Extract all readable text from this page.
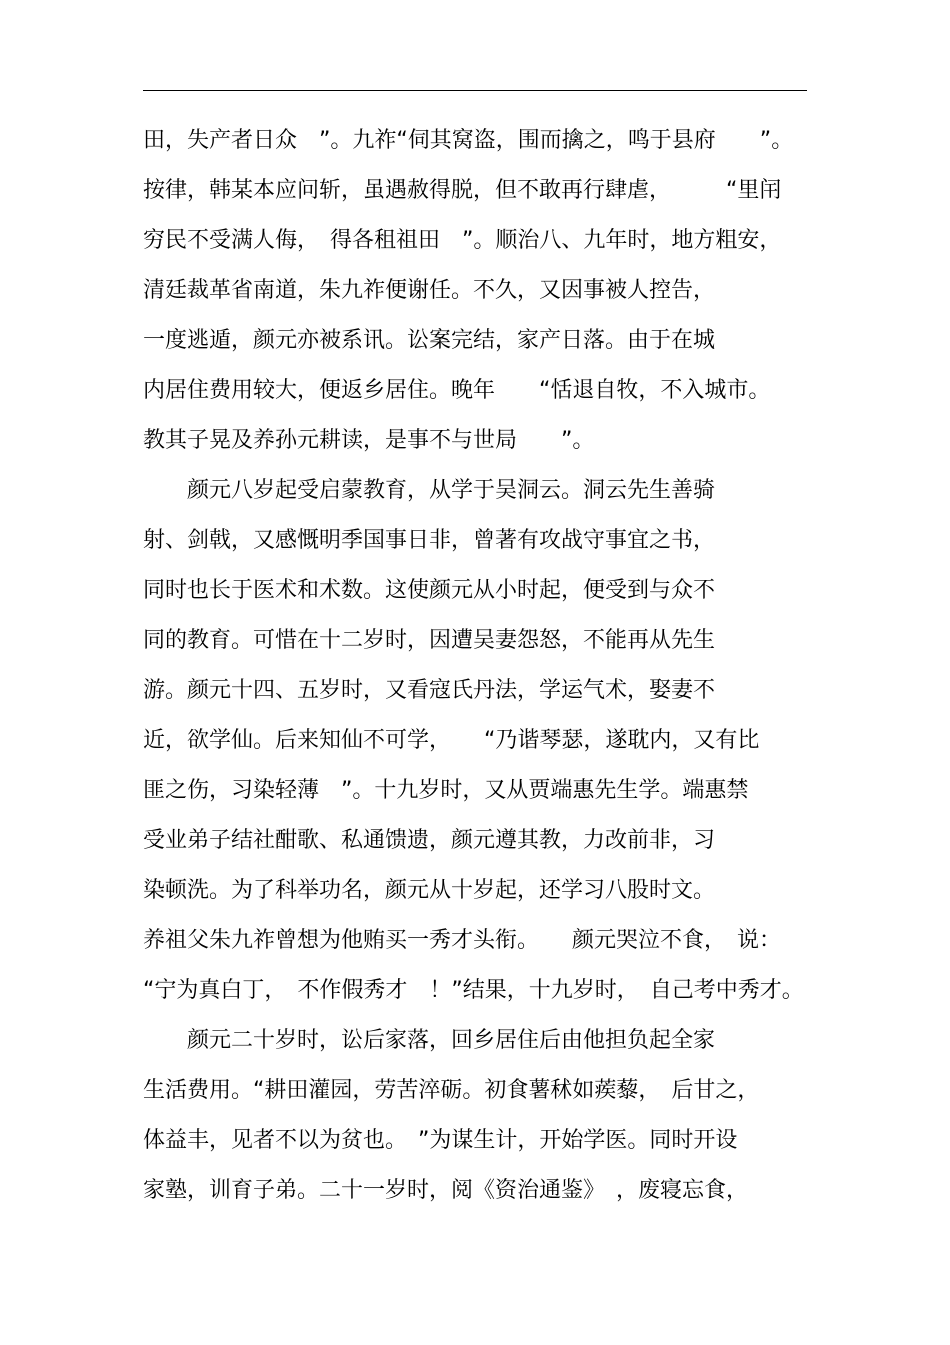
田，失产者日众　”。九祚“伺其窝盗，围而擒之，鸣于县府　　”。
按律，韩某本应问斩，虽遇赦得脱，但不敢再行肆虐，　　　“里闬
穷民不受满人侮，　得各租祖田　”。顺治八、九年时，地方粗安，
清廷裁革省南道，朱九祚便谢任。不久，又因事被人控告，
一度逃遁，颜元亦被系讯。讼案完结，家产日落。由于在城
内居住费用较大，便返乡居住。晚年　　“恬退自牧，不入城市。
教其子晃及养孙元耕读，是事不与世局　　”。
　　颜元八岁起受启蒙教育，从学于吴洞云。洞云先生善骑
射、剑戟，又感慨明季国事日非，曾著有攻战守事宜之书，
同时也长于医术和术数。这使颜元从小时起，便受到与众不
同的教育。可惜在十二岁时，因遭吴妻怨怒，不能再从先生
游。颜元十四、五岁时，又看寇氏丹法，学运气术，娶妻不
近，欲学仙。后来知仙不可学，　　“乃谐琴瑟，遂耽内，又有比
匪之伤，习染轻薄　”。十九岁时，又从贾端惠先生学。端惠禁
受业弟子结社酣歌、私通馈遗，颜元遵其教，力改前非，习
染顿洗。为了科举功名，颜元从十岁起，还学习八股时文。
养祖父朱九祚曾想为他贿买一秀才头衔。　　颜元哭泣不食，　说：
“宁为真白丁，　不作假秀才　！”结果，十九岁时，　自己考中秀才。
　　颜元二十岁时，讼后家落，回乡居住后由他担负起全家
生活费用。“耕田灌园，劳苦淬砺。初食薯秫如蒺藜，　后甘之，
体益丰，见者不以为贫也。　”为谋生计，开始学医。同时开设
家塾，训育子弟。二十一岁时，阅《资治通鉴》　，废寝忘食，
